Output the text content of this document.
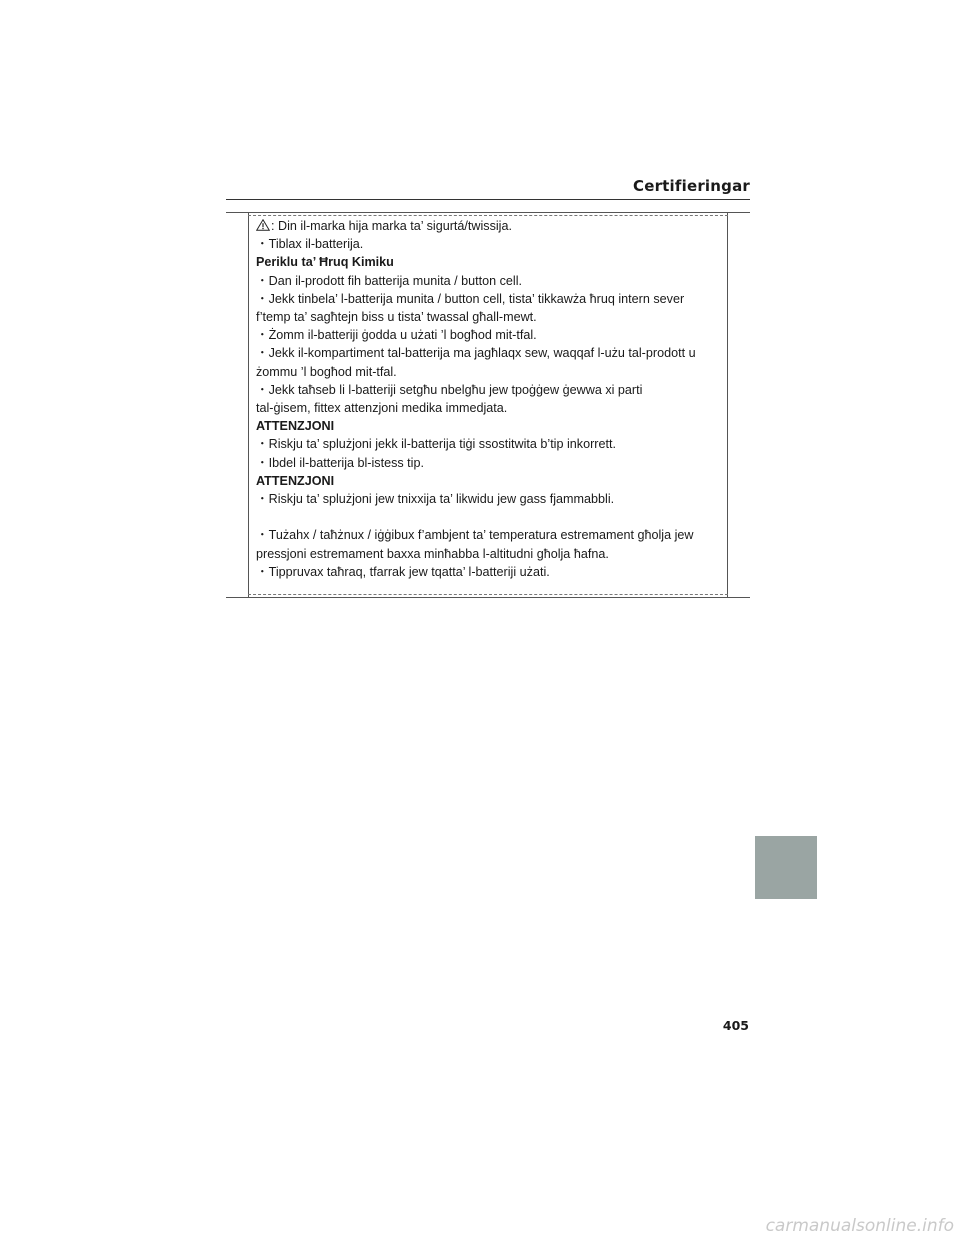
Certifieringar
: Din il-marka hija marka ta’ sigurtá/twissija.
・Tiblax il-batterija.
Periklu ta’ Ħruq Kimiku
・Dan il-prodott fih batterija munita / button cell.
・Jekk tinbela’ l-batterija munita / button cell, tista’ tikkawża ħruq intern sever
f’temp ta’ sagħtejn biss u tista’ twassal għall-mewt.
・Żomm il-batteriji ġodda u użati ’l bogħod mit-tfal.
・Jekk il-kompartiment tal-batterija ma jagħlaqx sew, waqqaf l-użu tal-prodott u
żommu ’l bogħod mit-tfal.
・Jekk taħseb li l-batteriji setgħu nbelgħu jew tpoġġew ġewwa xi parti
tal-ġisem, fittex attenzjoni medika immedjata.
ATTENZJONI
・Riskju ta’ splużjoni jekk il-batterija tiġi ssostitwita b’tip inkorrett.
・Ibdel il-batterija bl-istess tip.
ATTENZJONI
・Riskju ta’ splużjoni jew tnixxija ta’ likwidu jew gass fjammabbli.
・Tużahx / taħżnux / iġġibux f’ambjent ta’ temperatura estremament għolja jew
pressjoni estremament baxxa minħabba l-altitudni għolja ħafna.
・Tippruvax taħraq, tfarrak jew tqatta’ l-batteriji użati.
405
carmanualsonline.info
